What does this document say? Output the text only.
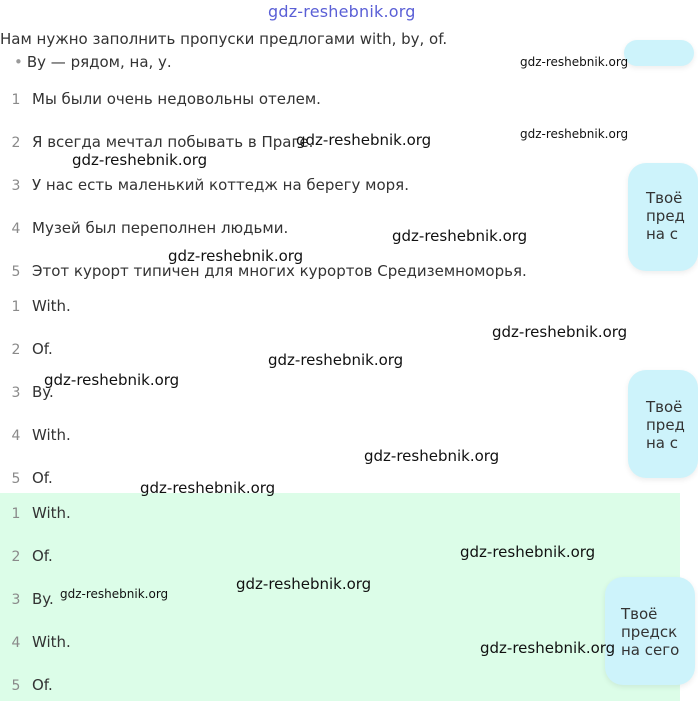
gdz-reshebnik.org
Нам нужно заполнить пропуски предлогами with, by, of.
• By — рядом, на, у.
1 Мы были очень недовольны отелем.
2 Я всегда мечтал побывать в Праге.
3 У нас есть маленький коттедж на берегу моря.
4 Музей был переполнен людьми.
5 Этот курорт типичен для многих курортов Средиземноморья.
1 With.
2 Of.
3 By.
4 With.
5 Of.
1 With.
2 Of.
3 By.
4 With.
5 Of.
Твоё
пред
на с
Твоё
пред
на с
Твоё
предск
на сего
gdz-reshebnik.org
gdz-reshebnik.org
gdz-reshebnik.org
gdz-reshebnik.org
gdz-reshebnik.org
gdz-reshebnik.org
gdz-reshebnik.org
gdz-reshebnik.org
gdz-reshebnik.org
gdz-reshebnik.org
gdz-reshebnik.org
gdz-reshebnik.org
gdz-reshebnik.org
gdz-reshebnik.org
gdz-reshebnik.org
